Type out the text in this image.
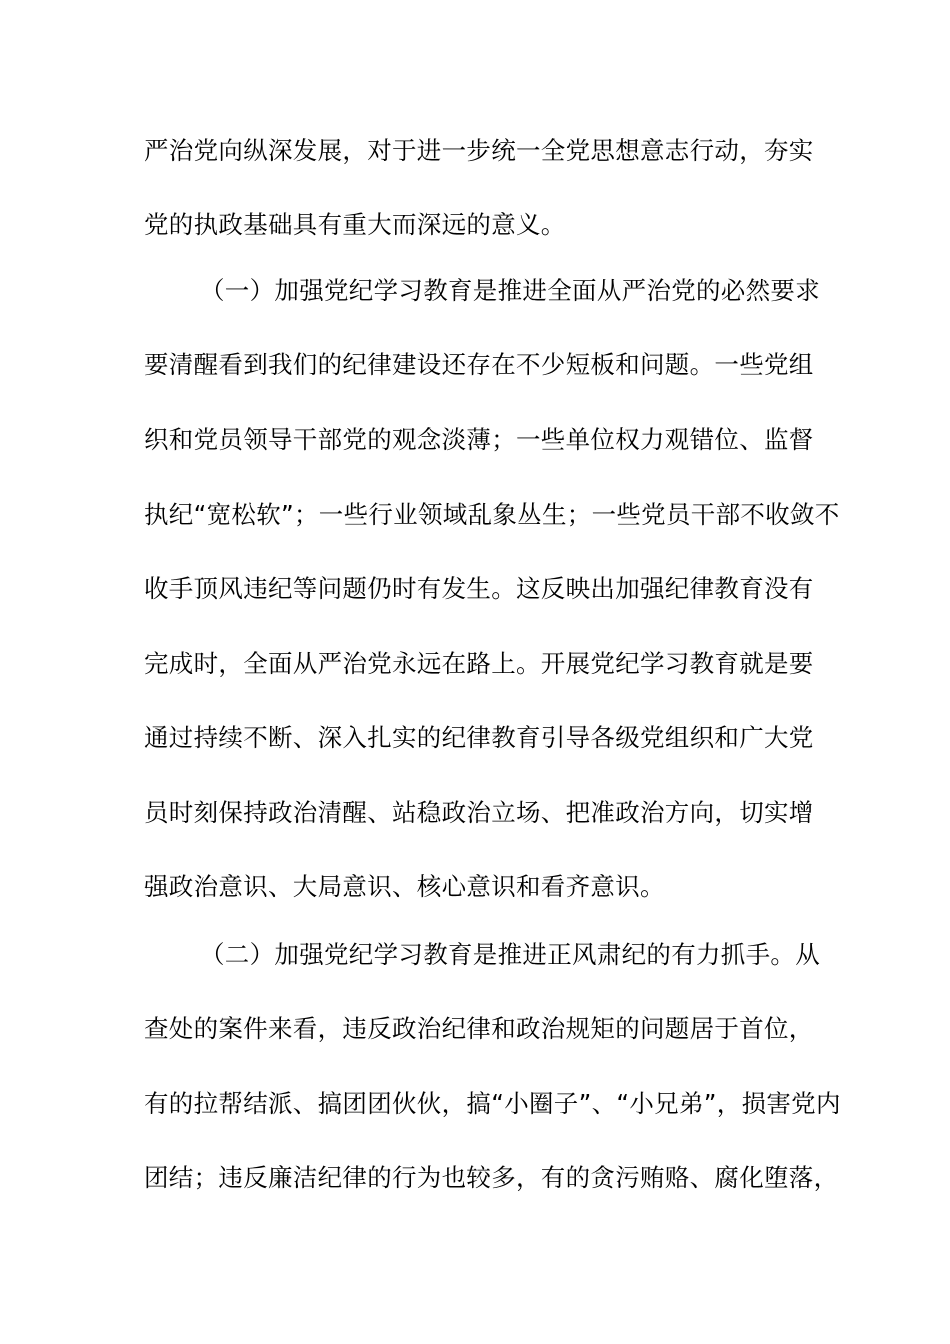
严治党向纵深发展，对于进一步统一全党思想意志行动，夯实
党的执政基础具有重大而深远的意义。
（一）加强党纪学习教育是推进全面从严治党的必然要求
要清醒看到我们的纪律建设还存在不少短板和问题。一些党组
织和党员领导干部党的观念淡薄；一些单位权力观错位、监督
执纪“宽松软”；一些行业领域乱象丛生；一些党员干部不收敛不
收手顶风违纪等问题仍时有发生。这反映出加强纪律教育没有
完成时，全面从严治党永远在路上。开展党纪学习教育就是要
通过持续不断、深入扎实的纪律教育引导各级党组织和广大党
员时刻保持政治清醒、站稳政治立场、把准政治方向，切实增
强政治意识、大局意识、核心意识和看齐意识。
（二）加强党纪学习教育是推进正风肃纪的有力抓手。从
查处的案件来看，违反政治纪律和政治规矩的问题居于首位，
有的拉帮结派、搞团团伙伙，搞“小圈子”、“小兄弟”，损害党内
团结；违反廉洁纪律的行为也较多，有的贪污贿赂、腐化堕落，
